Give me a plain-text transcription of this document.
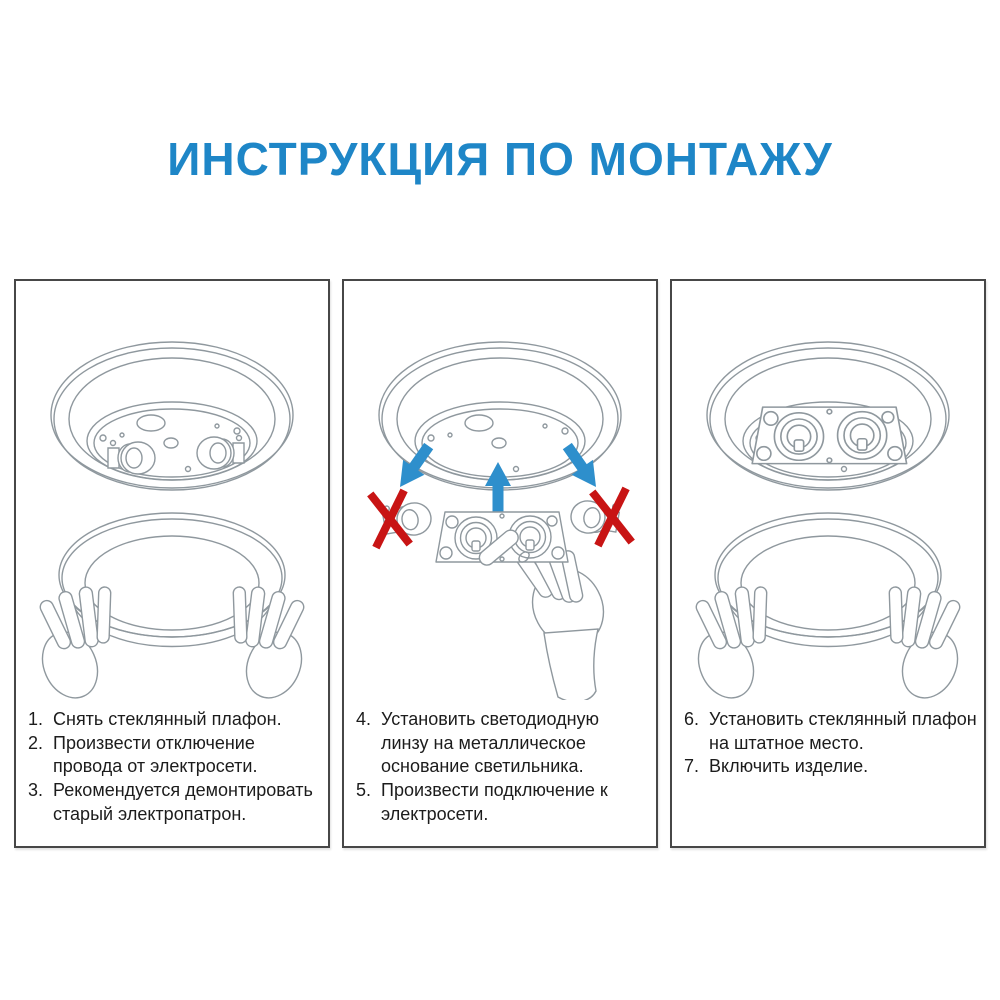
ИНСТРУКЦИЯ ПО МОНТАЖУ
1. Снять стеклянный плафон.
2. Произвести отключение провода от электросети.
3. Рекомендуется демонтировать старый электропатрон.
4. Установить светодиодную линзу на металлическое основание светильника.
5. Произвести подключение к электросети.
6. Установить стеклянный плафон на штатное место.
7. Включить изделие.
